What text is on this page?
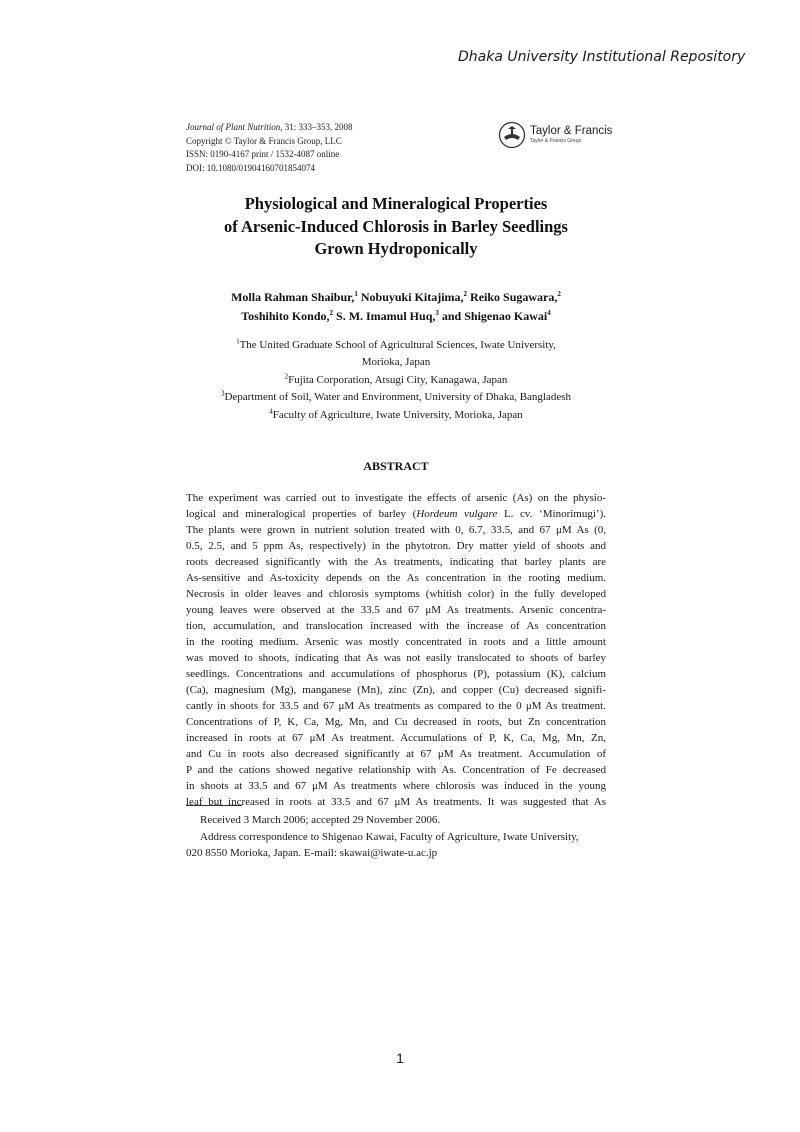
Dhaka University Institutional Repository
Journal of Plant Nutrition, 31: 333–353, 2008
Copyright © Taylor & Francis Group, LLC
ISSN: 0190-4167 print / 1532-4087 online
DOI: 10.1080/01904160701854074
Taylor & Francis
Taylor & Francis Group
Physiological and Mineralogical Properties
of Arsenic-Induced Chlorosis in Barley Seedlings
Grown Hydroponically
Molla Rahman Shaibur,$^1$ Nobuyuki Kitajima,$^2$ Reiko Sugawara,$^2$
Toshihito Kondo,$^2$ S. M. Imamul Huq,$^3$ and Shigenao Kawai$^4$
$^1$The United Graduate School of Agricultural Sciences, Iwate University,
Morioka, Japan
$^2$Fujita Corporation, Atsugi City, Kanagawa, Japan
$^3$Department of Soil, Water and Environment, University of Dhaka, Bangladesh
$^4$Faculty of Agriculture, Iwate University, Morioka, Japan
ABSTRACT
The experiment was carried out to investigate the effects of arsenic (As) on the physio-
logical and mineralogical properties of barley (Hordeum vulgare L. cv. ‘Minorimugi’).
The plants were grown in nutrient solution treated with 0, 6.7, 33.5, and 67 μM As (0,
0.5, 2.5, and 5 ppm As, respectively) in the phytotron. Dry matter yield of shoots and
roots decreased significantly with the As treatments, indicating that barley plants are
As-sensitive and As-toxicity depends on the As concentration in the rooting medium.
Necrosis in older leaves and chlorosis symptoms (whitish color) in the fully developed
young leaves were observed at the 33.5 and 67 μM As treatments. Arsenic concentra-
tion, accumulation, and translocation increased with the increase of As concentration
in the rooting medium. Arsenic was mostly concentrated in roots and a little amount
was moved to shoots, indicating that As was not easily translocated to shoots of barley
seedlings. Concentrations and accumulations of phosphorus (P), potassium (K), calcium
(Ca), magnesium (Mg), manganese (Mn), zinc (Zn), and copper (Cu) decreased signifi-
cantly in shoots for 33.5 and 67 μM As treatments as compared to the 0 μM As treatment.
Concentrations of P, K, Ca, Mg, Mn, and Cu decreased in roots, but Zn concentration
increased in roots at 67 μM As treatment. Accumulations of P, K, Ca, Mg, Mn, Zn,
and Cu in roots also decreased significantly at 67 μM As treatment. Accumulation of
P and the cations showed negative relationship with As. Concentration of Fe decreased
in shoots at 33.5 and 67 μM As treatments where chlorosis was induced in the young
leaf but increased in roots at 33.5 and 67 μM As treatments. It was suggested that As
Received 3 March 2006; accepted 29 November 2006.
Address correspondence to Shigenao Kawai, Faculty of Agriculture, Iwate University,
020 8550 Morioka, Japan. E-mail: skawai@iwate-u.ac.jp
1
